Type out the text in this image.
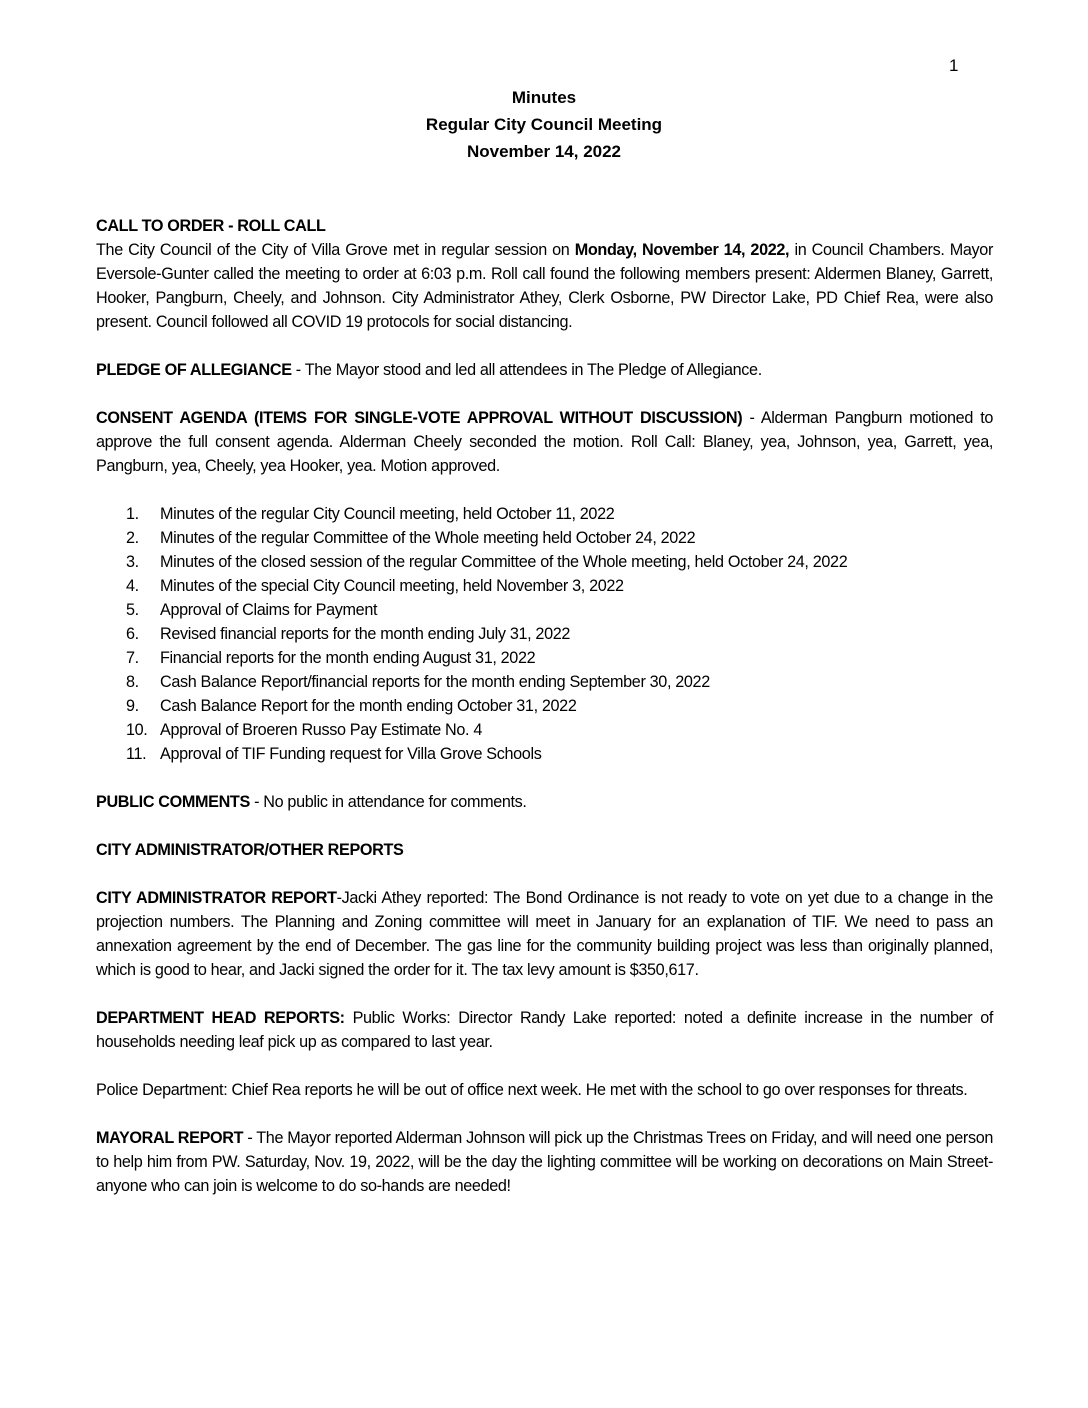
1
Minutes
Regular City Council Meeting
November 14, 2022
CALL TO ORDER - ROLL CALL

The City Council of the City of Villa Grove met in regular session on Monday, November 14, 2022, in Council Chambers. Mayor Eversole-Gunter called the meeting to order at 6:03 p.m. Roll call found the following members present: Aldermen Blaney, Garrett, Hooker, Pangburn, Cheely, and Johnson. City Administrator Athey, Clerk Osborne, PW Director Lake, PD Chief Rea, were also present. Council followed all COVID 19 protocols for social distancing.

PLEDGE OF ALLEGIANCE - The Mayor stood and led all attendees in The Pledge of Allegiance.

CONSENT AGENDA (ITEMS FOR SINGLE-VOTE APPROVAL WITHOUT DISCUSSION) - Alderman Pangburn motioned to approve the full consent agenda. Alderman Cheely seconded the motion. Roll Call: Blaney, yea, Johnson, yea, Garrett, yea, Pangburn, yea, Cheely, yea Hooker, yea. Motion approved.

1. Minutes of the regular City Council meeting, held October 11, 2022
2. Minutes of the regular Committee of the Whole meeting held October 24, 2022
3. Minutes of the closed session of the regular Committee of the Whole meeting, held October 24, 2022
4. Minutes of the special City Council meeting, held November 3, 2022
5. Approval of Claims for Payment
6. Revised financial reports for the month ending July 31, 2022
7. Financial reports for the month ending August 31, 2022
8. Cash Balance Report/financial reports for the month ending September 30, 2022
9. Cash Balance Report for the month ending October 31, 2022
10. Approval of Broeren Russo Pay Estimate No. 4
11. Approval of TIF Funding request for Villa Grove Schools

PUBLIC COMMENTS - No public in attendance for comments.

CITY ADMINISTRATOR/OTHER REPORTS

CITY ADMINISTRATOR REPORT-Jacki Athey reported: The Bond Ordinance is not ready to vote on yet due to a change in the projection numbers. The Planning and Zoning committee will meet in January for an explanation of TIF. We need to pass an annexation agreement by the end of December. The gas line for the community building project was less than originally planned, which is good to hear, and Jacki signed the order for it. The tax levy amount is $350,617.

DEPARTMENT HEAD REPORTS: Public Works: Director Randy Lake reported: noted a definite increase in the number of households needing leaf pick up as compared to last year.

Police Department: Chief Rea reports he will be out of office next week. He met with the school to go over responses for threats.

MAYORAL REPORT - The Mayor reported Alderman Johnson will pick up the Christmas Trees on Friday, and will need one person to help him from PW. Saturday, Nov. 19, 2022, will be the day the lighting committee will be working on decorations on Main Street-anyone who can join is welcome to do so-hands are needed!
